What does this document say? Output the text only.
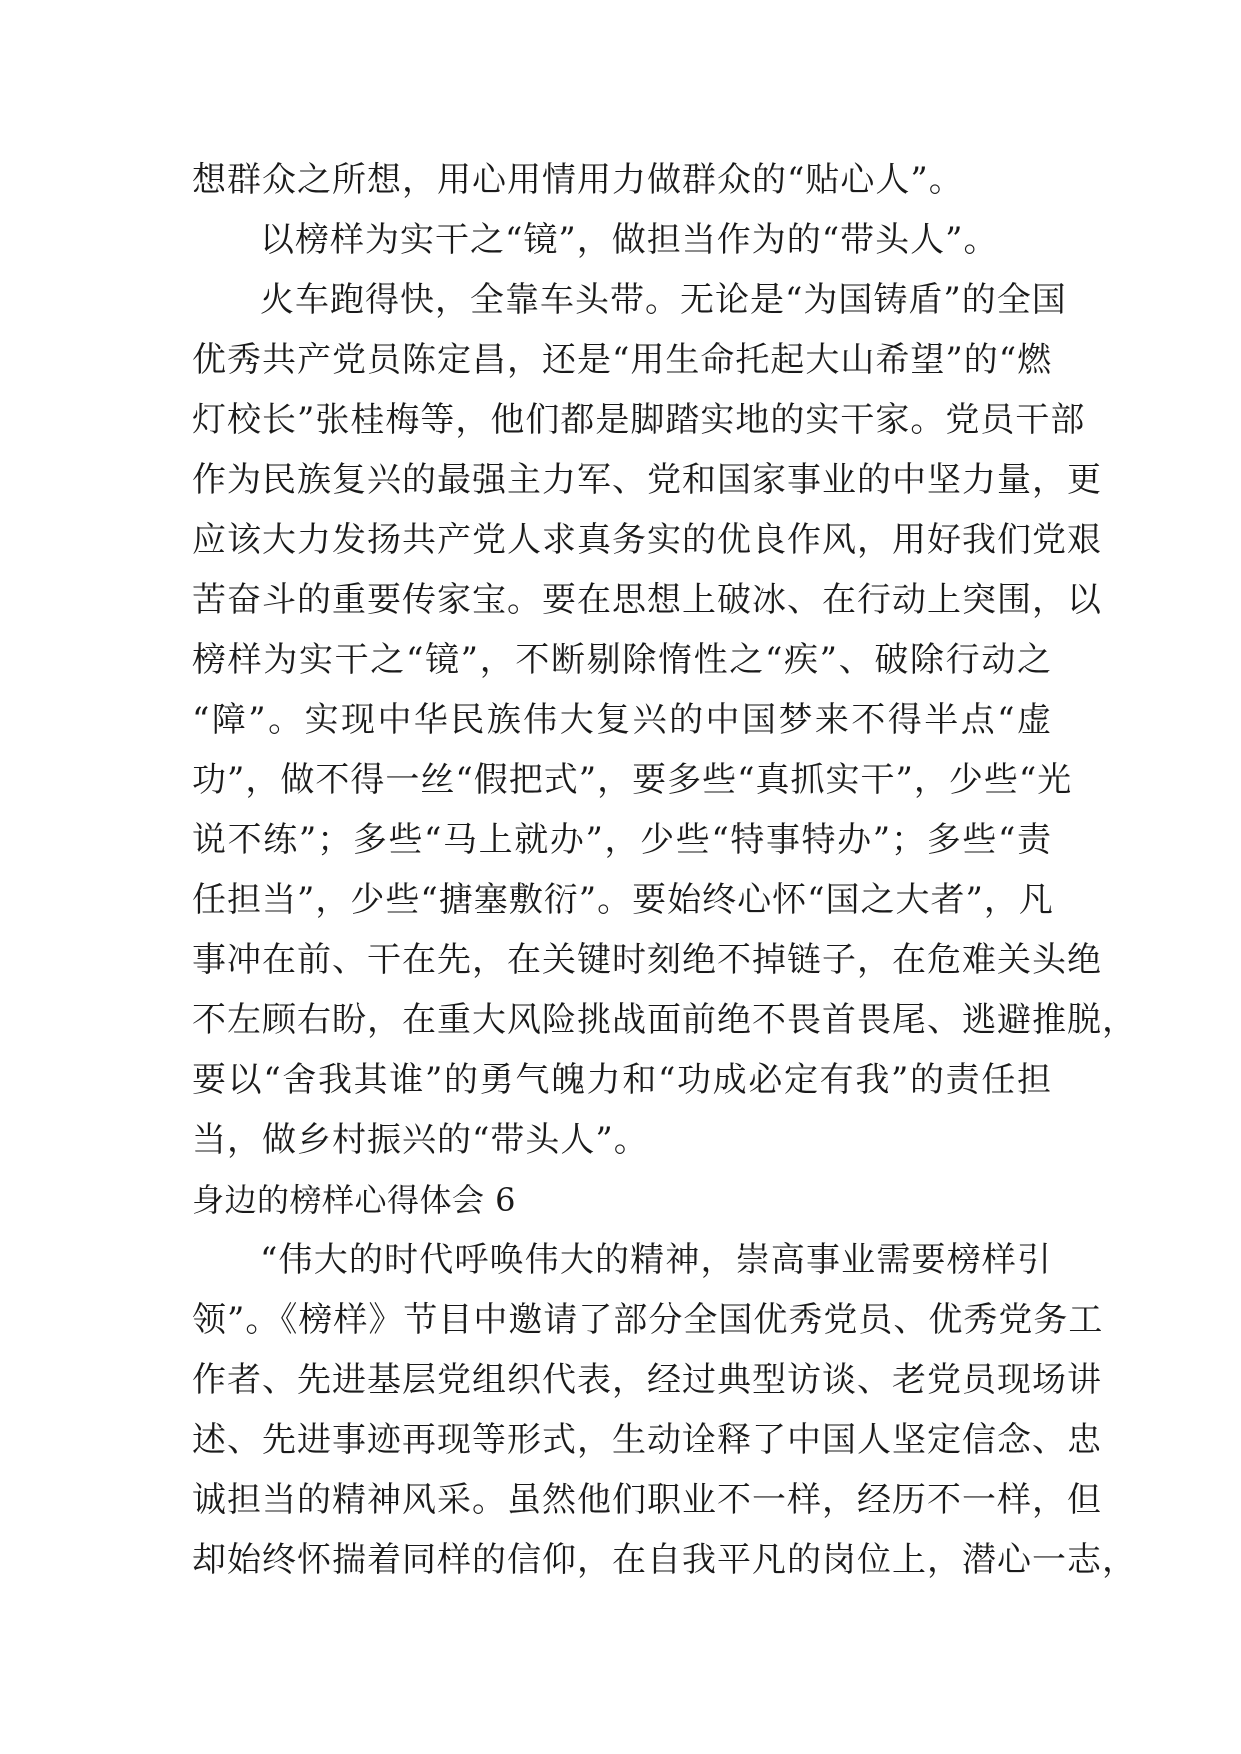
想群众之所想，用心用情用力做群众的“贴心人”。
以榜样为实干之“镜”，做担当作为的“带头人”。
火车跑得快，全靠车头带。无论是“为国铸盾”的全国
优秀共产党员陈定昌，还是“用生命托起大山希望”的“燃
灯校长”张桂梅等，他们都是脚踏实地的实干家。党员干部
作为民族复兴的最强主力军、党和国家事业的中坚力量，更
应该大力发扬共产党人求真务实的优良作风，用好我们党艰
苦奋斗的重要传家宝。要在思想上破冰、在行动上突围，以
榜样为实干之“镜”，不断剔除惰性之“疾”、破除行动之
“障”。实现中华民族伟大复兴的中国梦来不得半点“虚
功”，做不得一丝“假把式”，要多些“真抓实干”，少些“光
说不练”；多些“马上就办”，少些“特事特办”；多些“责
任担当”，少些“搪塞敷衍”。要始终心怀“国之大者”，凡
事冲在前、干在先，在关键时刻绝不掉链子，在危难关头绝
不左顾右盼，在重大风险挑战面前绝不畏首畏尾、逃避推脱，
要以“舍我其谁”的勇气魄力和“功成必定有我”的责任担
当，做乡村振兴的“带头人”。
身边的榜样心得体会 6
“伟大的时代呼唤伟大的精神，崇高事业需要榜样引
领”。《榜样》节目中邀请了部分全国优秀党员、优秀党务工
作者、先进基层党组织代表，经过典型访谈、老党员现场讲
述、先进事迹再现等形式，生动诠释了中国人坚定信念、忠
诚担当的精神风采。虽然他们职业不一样，经历不一样，但
却始终怀揣着同样的信仰，在自我平凡的岗位上，潜心一志，
